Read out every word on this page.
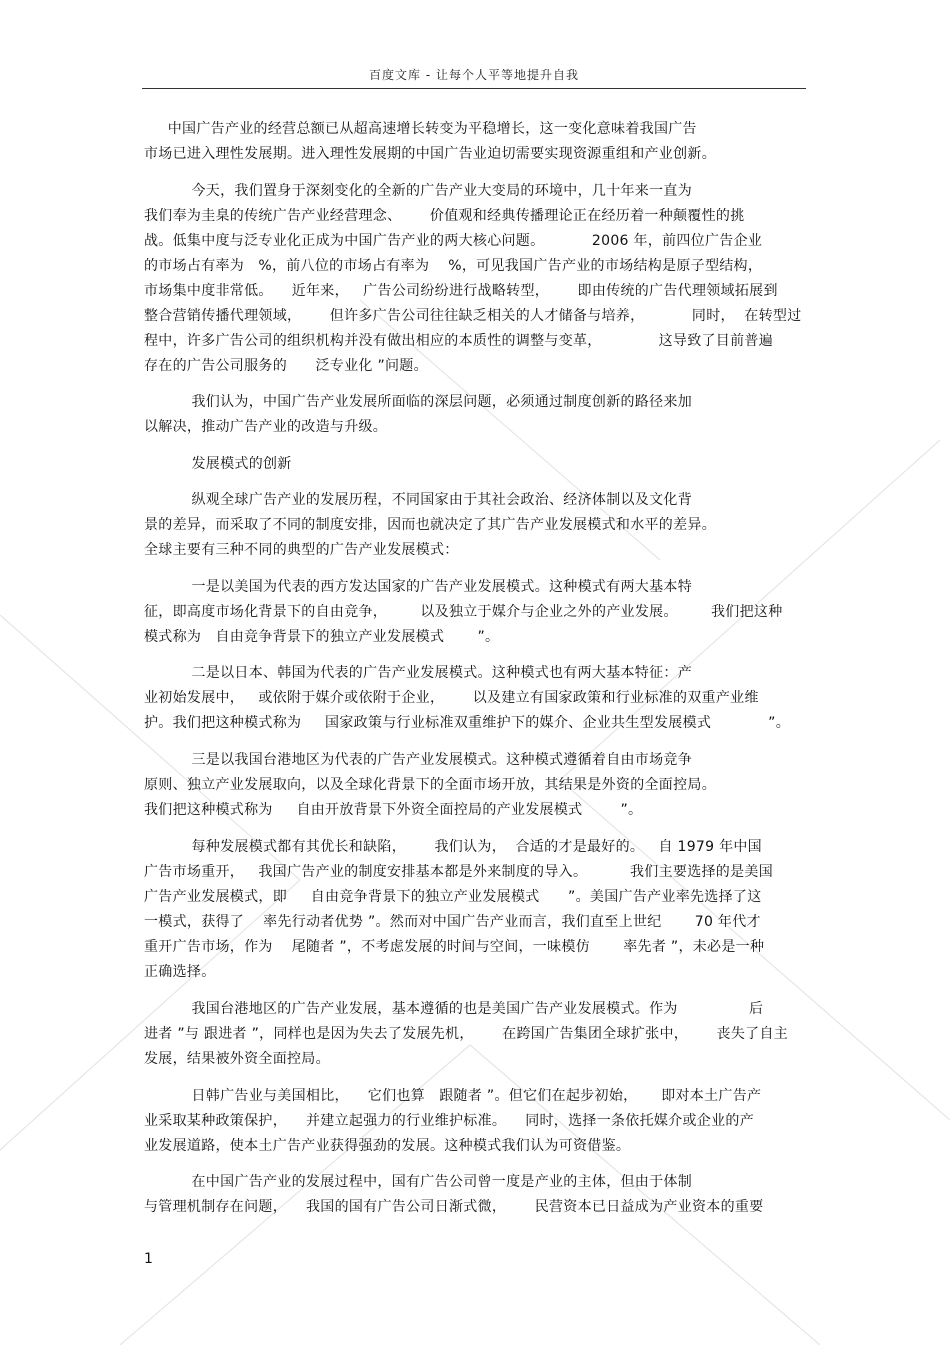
百度文库 - 让每个人平等地提升自我
中国广告产业的经营总额已从超高速增长转变为平稳增长，这一变化意味着我国广告
市场已进入理性发展期。进入理性发展期的中国广告业迫切需要实现资源重组和产业创新。
今天，我们置身于深刻变化的全新的广告产业大变局的环境中，几十年来一直为
我们奉为圭臬的传统广告产业经营理念、      价值观和经典传播理论正在经历着一种颠覆性的挑
战。低集中度与泛专业化正成为中国广告产业的两大核心问题。          2006 年，前四位广告企业
的市场占有率为   %，前八位的市场占有率为    %，可见我国广告产业的市场结构是原子型结构，
市场集中度非常低。    近年来，   广告公司纷纷进行战略转型，      即由传统的广告代理领域拓展到
整合营销传播代理领域，      但许多广告公司往往缺乏相关的人才储备与培养，          同时，  在转型过
程中，许多广告公司的组织机构并没有做出相应的本质性的调整与变革，            这导致了目前普遍
存在的广告公司服务的      泛专业化 ”问题。
我们认为，中国广告产业发展所面临的深层问题，必须通过制度创新的路径来加
以解决，推动广告产业的改造与升级。
发展模式的创新
纵观全球广告产业的发展历程，不同国家由于其社会政治、经济体制以及文化背
景的差异，而采取了不同的制度安排，因而也就决定了其广告产业发展模式和水平的差异。
全球主要有三种不同的典型的广告产业发展模式：
一是以美国为代表的西方发达国家的广告产业发展模式。这种模式有两大基本特
征，即高度市场化背景下的自由竞争，       以及独立于媒介与企业之外的产业发展。       我们把这种
模式称为   自由竞争背景下的独立产业发展模式       ”。
二是以日本、韩国为代表的广告产业发展模式。这种模式也有两大基本特征：产
业初始发展中，   或依附于媒介或依附于企业，      以及建立有国家政策和行业标准的双重产业维
护。我们把这种模式称为     国家政策与行业标准双重维护下的媒介、企业共生型发展模式            ”。
三是以我国台港地区为代表的广告产业发展模式。这种模式遵循着自由市场竞争
原则、独立产业发展取向，以及全球化背景下的全面市场开放，其结果是外资的全面控局。
我们把这种模式称为     自由开放背景下外资全面控局的产业发展模式        ”。
每种发展模式都有其优长和缺陷，      我们认为，  合适的才是最好的。   自 1979 年中国
广告市场重开，   我国广告产业的制度安排基本都是外来制度的导入。         我们主要选择的是美国
广告产业发展模式，即     自由竞争背景下的独立产业发展模式      ”。美国广告产业率先选择了这
一模式，获得了    率先行动者优势 ”。然而对中国广告产业而言，我们直至上世纪       70 年代才
重开广告市场，作为    尾随者 ”，不考虑发展的时间与空间，一味模仿       率先者 ”，未必是一种
正确选择。
我国台港地区的广告产业发展，基本遵循的也是美国广告产业发展模式。作为               后
进者 ”与 跟进者 ”，同样也是因为失去了发展先机，      在跨国广告集团全球扩张中，      丧失了自主
发展，结果被外资全面控局。
日韩广告业与美国相比，    它们也算   跟随者 ”。但它们在起步初始，     即对本土广告产
业采取某种政策保护，    并建立起强力的行业维护标准。    同时，选择一条依托媒介或企业的产
业发展道路，使本土广告产业获得强劲的发展。这种模式我们认为可资借鉴。
在中国广告产业的发展过程中，国有广告公司曾一度是产业的主体，但由于体制
与管理机制存在问题，    我国的国有广告公司日渐式微，      民营资本已日益成为产业资本的重要
1
